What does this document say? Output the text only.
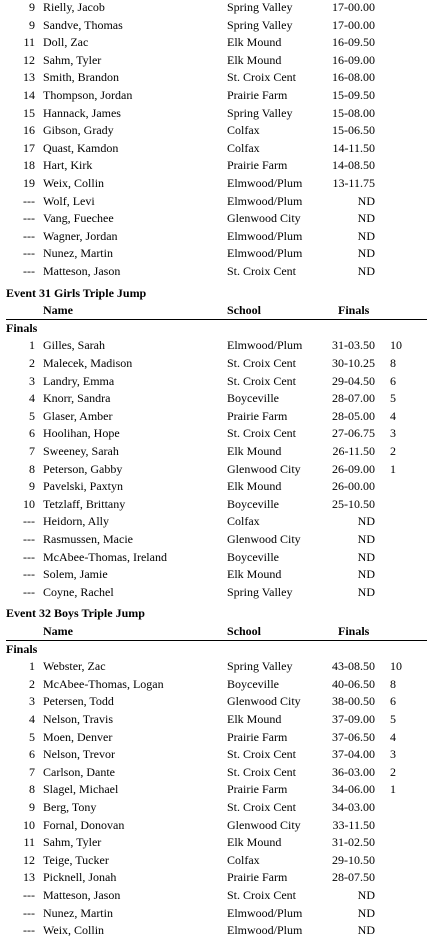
9 Rielly, Jacob	Spring Valley	17-00.00
9 Sandve, Thomas	Spring Valley	17-00.00
11 Doll, Zac	Elk Mound	16-09.50
12 Sahm, Tyler	Elk Mound	16-09.00
13 Smith, Brandon	St. Croix Cent	16-08.00
14 Thompson, Jordan	Prairie Farm	15-09.50
15 Hannack, James	Spring Valley	15-08.00
16 Gibson, Grady	Colfax	15-06.50
17 Quast, Kamdon	Colfax	14-11.50
18 Hart, Kirk	Prairie Farm	14-08.50
19 Weix, Collin	Elmwood/Plum	13-11.75
--- Wolf, Levi	Elmwood/Plum	ND
--- Vang, Fuechee	Glenwood City	ND
--- Wagner, Jordan	Elmwood/Plum	ND
--- Nunez, Martin	Elmwood/Plum	ND
--- Matteson, Jason	St. Croix Cent	ND
Event 31 Girls Triple Jump
Name	School	Finals
Finals
1 Gilles, Sarah	Elmwood/Plum	31-03.50 10
2 Malecek, Madison	St. Croix Cent	30-10.25 8
3 Landry, Emma	St. Croix Cent	29-04.50 6
4 Knorr, Sandra	Boyceville	28-07.00 5
5 Glaser, Amber	Prairie Farm	28-05.00 4
6 Hoolihan, Hope	St. Croix Cent	27-06.75 3
7 Sweeney, Sarah	Elk Mound	26-11.50 2
8 Peterson, Gabby	Glenwood City	26-09.00 1
9 Pavelski, Paxtyn	Elk Mound	26-00.00
10 Tetzlaff, Brittany	Boyceville	25-10.50
--- Heidorn, Ally	Colfax	ND
--- Rasmussen, Macie	Glenwood City	ND
--- McAbee-Thomas, Ireland	Boyceville	ND
--- Solem, Jamie	Elk Mound	ND
--- Coyne, Rachel	Spring Valley	ND
Event 32 Boys Triple Jump
Name	School	Finals
Finals
1 Webster, Zac	Spring Valley	43-08.50 10
2 McAbee-Thomas, Logan	Boyceville	40-06.50 8
3 Petersen, Todd	Glenwood City	38-00.50 6
4 Nelson, Travis	Elk Mound	37-09.00 5
5 Moen, Denver	Prairie Farm	37-06.50 4
6 Nelson, Trevor	St. Croix Cent	37-04.00 3
7 Carlson, Dante	St. Croix Cent	36-03.00 2
8 Slagel, Michael	Prairie Farm	34-06.00 1
9 Berg, Tony	St. Croix Cent	34-03.00
10 Fornal, Donovan	Glenwood City	33-11.50
11 Sahm, Tyler	Elk Mound	31-02.50
12 Teige, Tucker	Colfax	29-10.50
13 Picknell, Jonah	Prairie Farm	28-07.50
--- Matteson, Jason	St. Croix Cent	ND
--- Nunez, Martin	Elmwood/Plum	ND
--- Weix, Collin	Elmwood/Plum	ND
